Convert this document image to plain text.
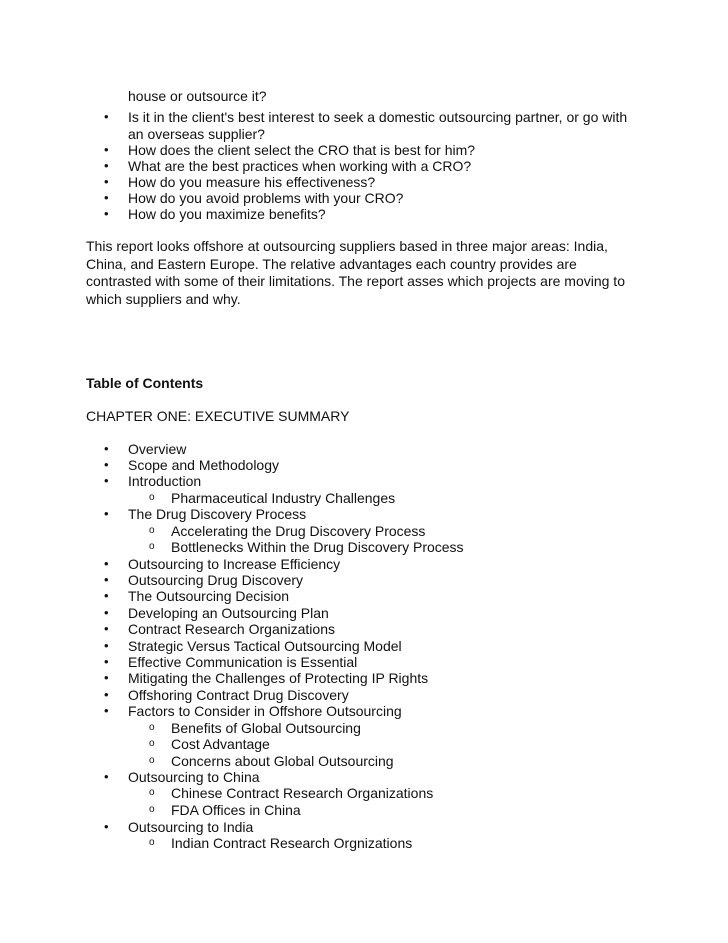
house or outsource it?
• Is it in the client's best interest to seek a domestic outsourcing partner, or go with
an overseas supplier?
• How does the client select the CRO that is best for him?
• What are the best practices when working with a CRO?
• How do you measure his effectiveness?
• How do you avoid problems with your CRO?
• How do you maximize benefits?
This report looks offshore at outsourcing suppliers based in three major areas: India,
China, and Eastern Europe. The relative advantages each country provides are
contrasted with some of their limitations. The report asses which projects are moving to
which suppliers and why.
Table of Contents
CHAPTER ONE: EXECUTIVE SUMMARY
• Overview
• Scope and Methodology
• Introduction
o Pharmaceutical Industry Challenges
• The Drug Discovery Process
o Accelerating the Drug Discovery Process
o Bottlenecks Within the Drug Discovery Process
• Outsourcing to Increase Efficiency
• Outsourcing Drug Discovery
• The Outsourcing Decision
• Developing an Outsourcing Plan
• Contract Research Organizations
• Strategic Versus Tactical Outsourcing Model
• Effective Communication is Essential
• Mitigating the Challenges of Protecting IP Rights
• Offshoring Contract Drug Discovery
• Factors to Consider in Offshore Outsourcing
o Benefits of Global Outsourcing
o Cost Advantage
o Concerns about Global Outsourcing
• Outsourcing to China
o Chinese Contract Research Organizations
o FDA Offices in China
• Outsourcing to India
o Indian Contract Research Orgnizations
